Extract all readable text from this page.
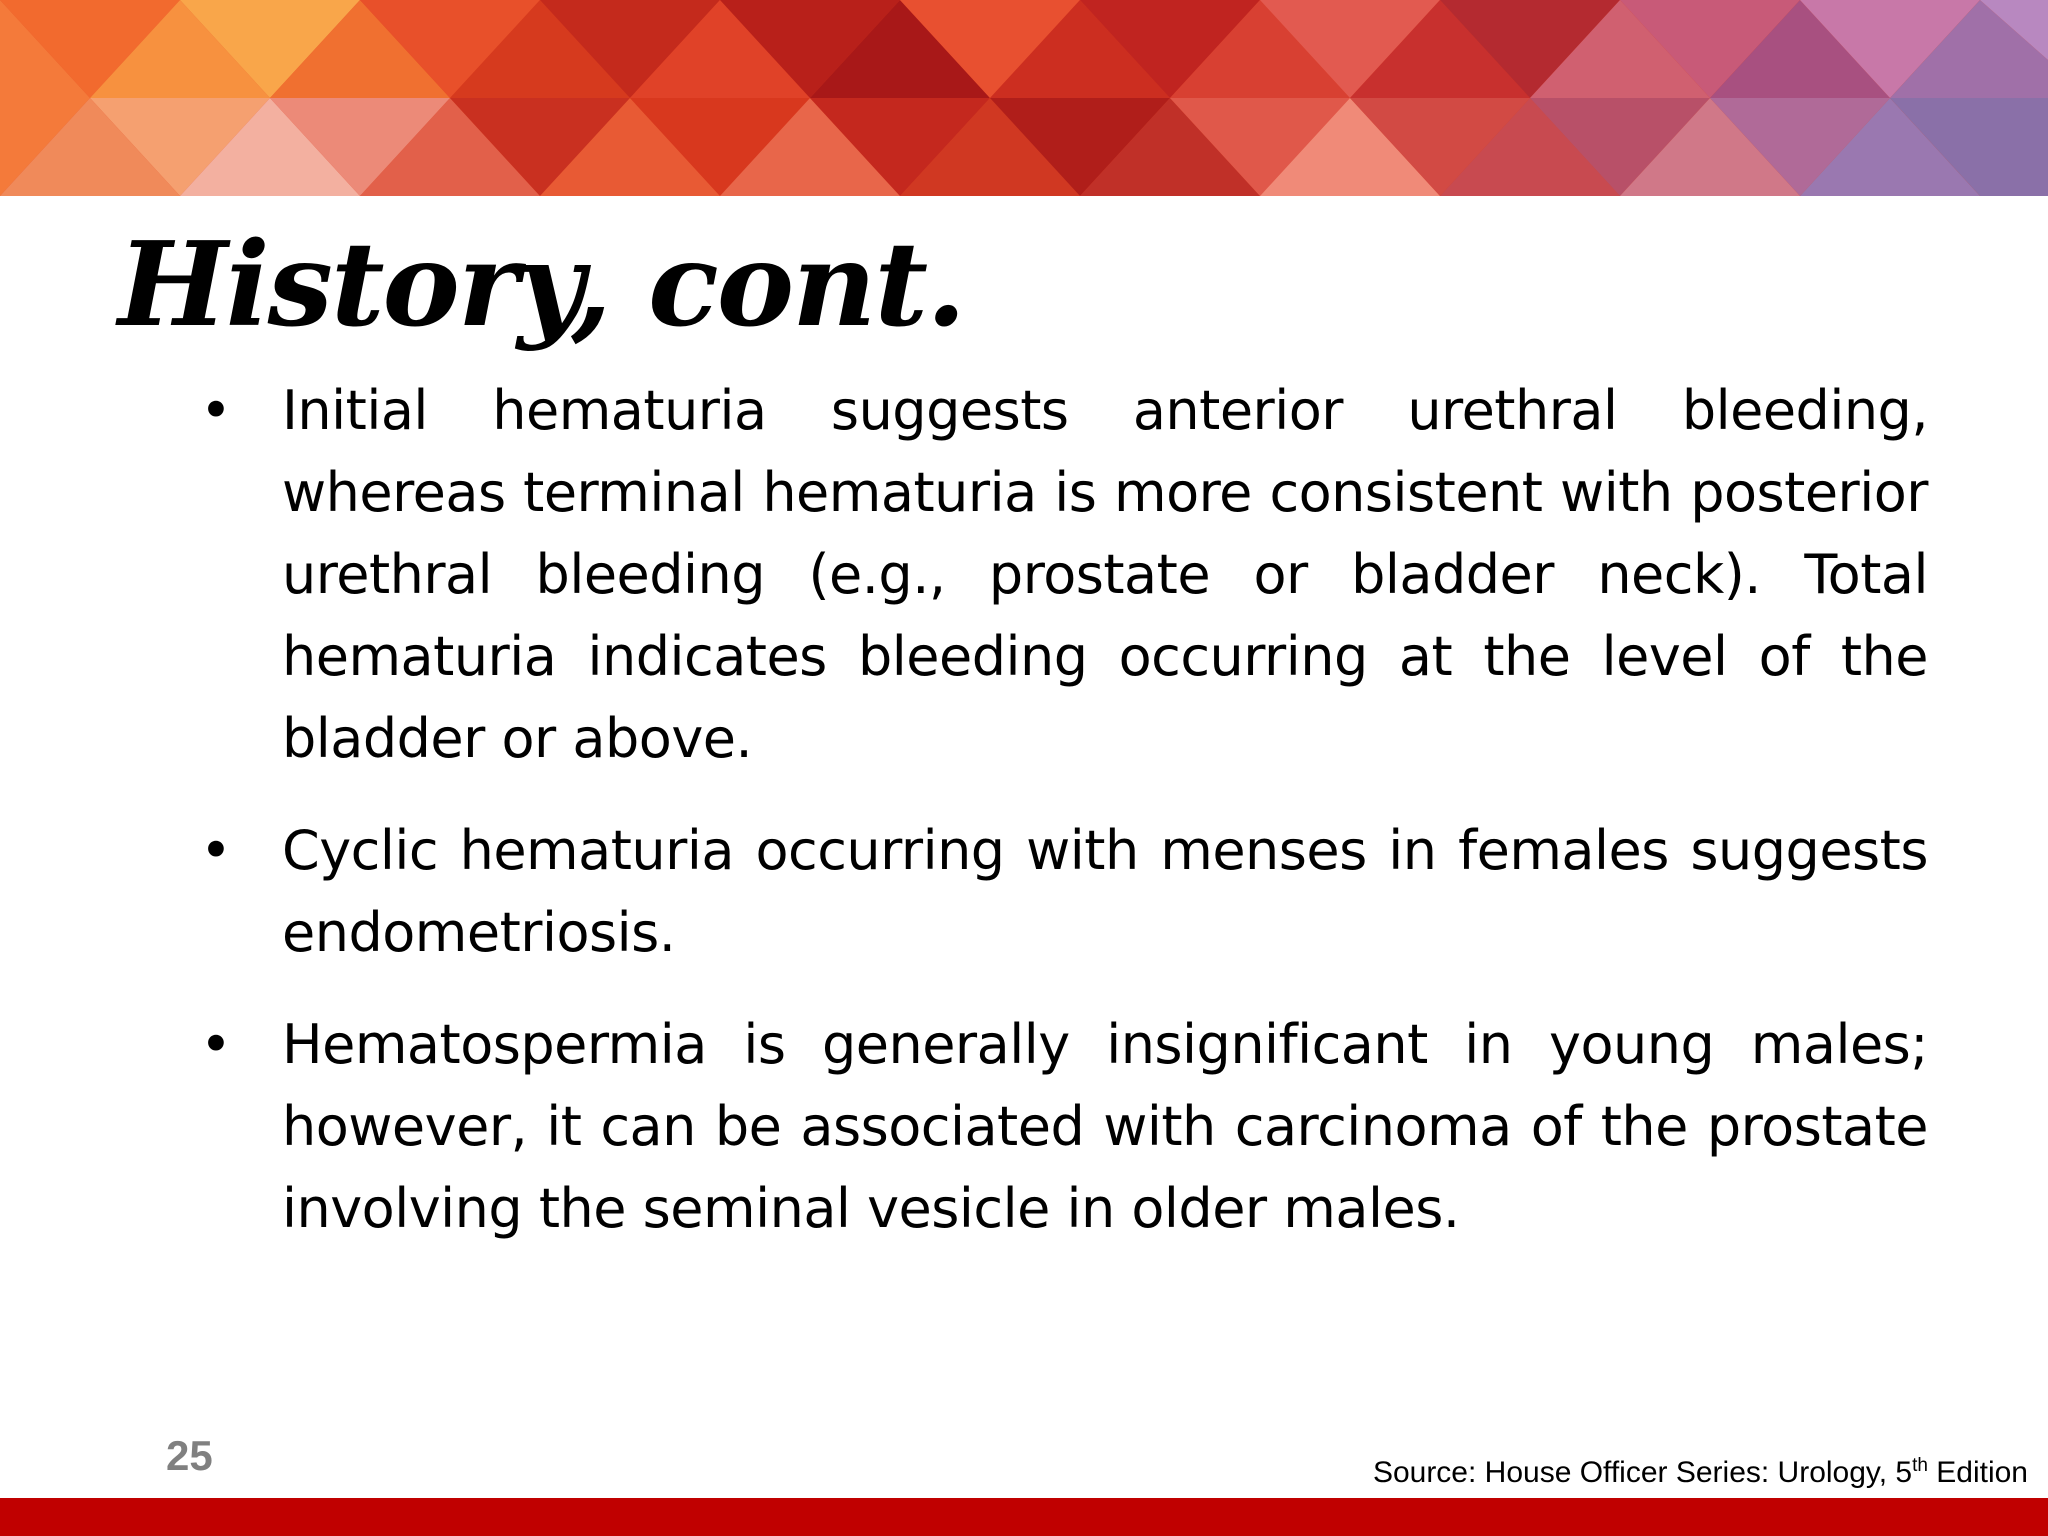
History, cont.
• Initial hematuria suggests anterior urethral bleeding, whereas terminal hematuria is more consistent with posterior urethral bleeding (e.g., prostate or bladder neck). Total hematuria indicates bleeding occurring at the level of the bladder or above.
• Cyclic hematuria occurring with menses in females suggests endometriosis.
• Hematospermia is generally insignificant in young males; however, it can be associated with carcinoma of the prostate involving the seminal vesicle in older males.
25	Source: House Officer Series: Urology, 5th Edition
